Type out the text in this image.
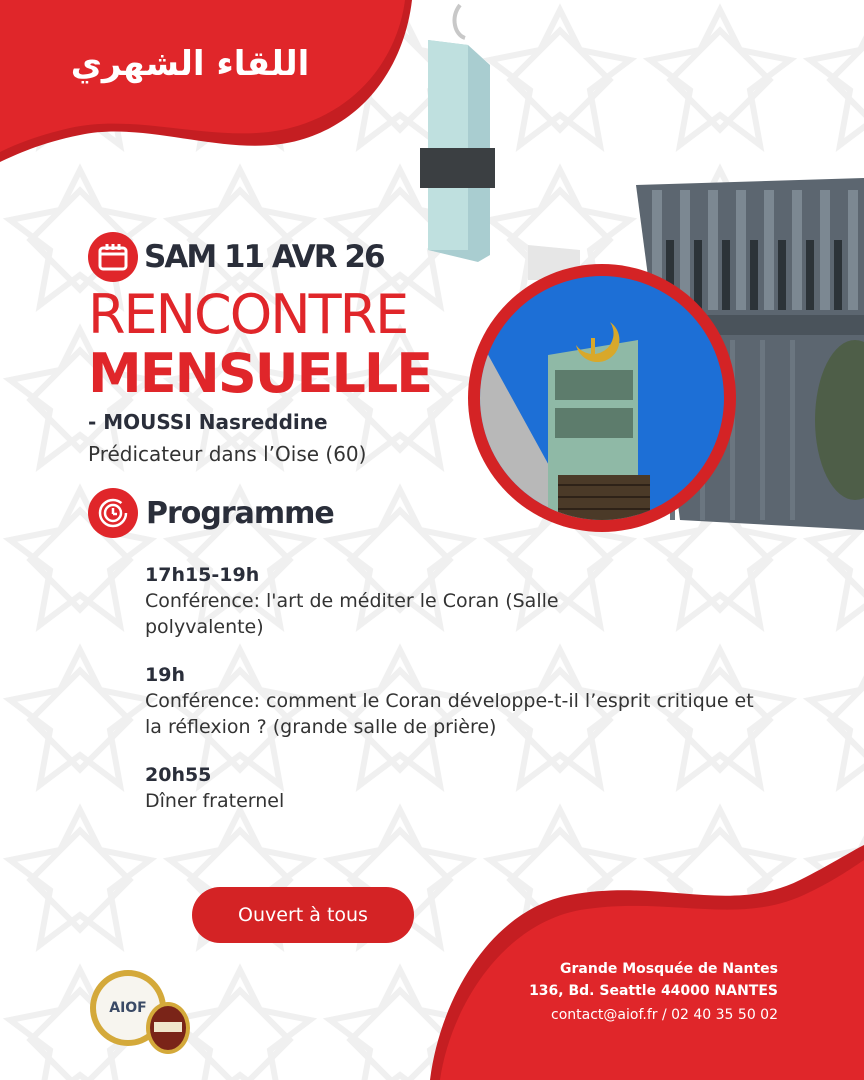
اللقاء الشهري
SAM 11 AVR 26
RENCONTRE
MENSUELLE
- MOUSSI Nasreddine
Prédicateur dans l’Oise (60)
Programme
17h15-19h
Conférence: l'art de méditer le Coran (Salle polyvalente)
19h
Conférence: comment le Coran développe-t-il l’esprit critique et la réflexion ? (grande salle de prière)
20h55
Dîner fraternel
Ouvert à tous
Grande Mosquée de Nantes
136, Bd. Seattle 44000 NANTES
contact@aiof.fr / 02 40 35 50 02
AIOF
